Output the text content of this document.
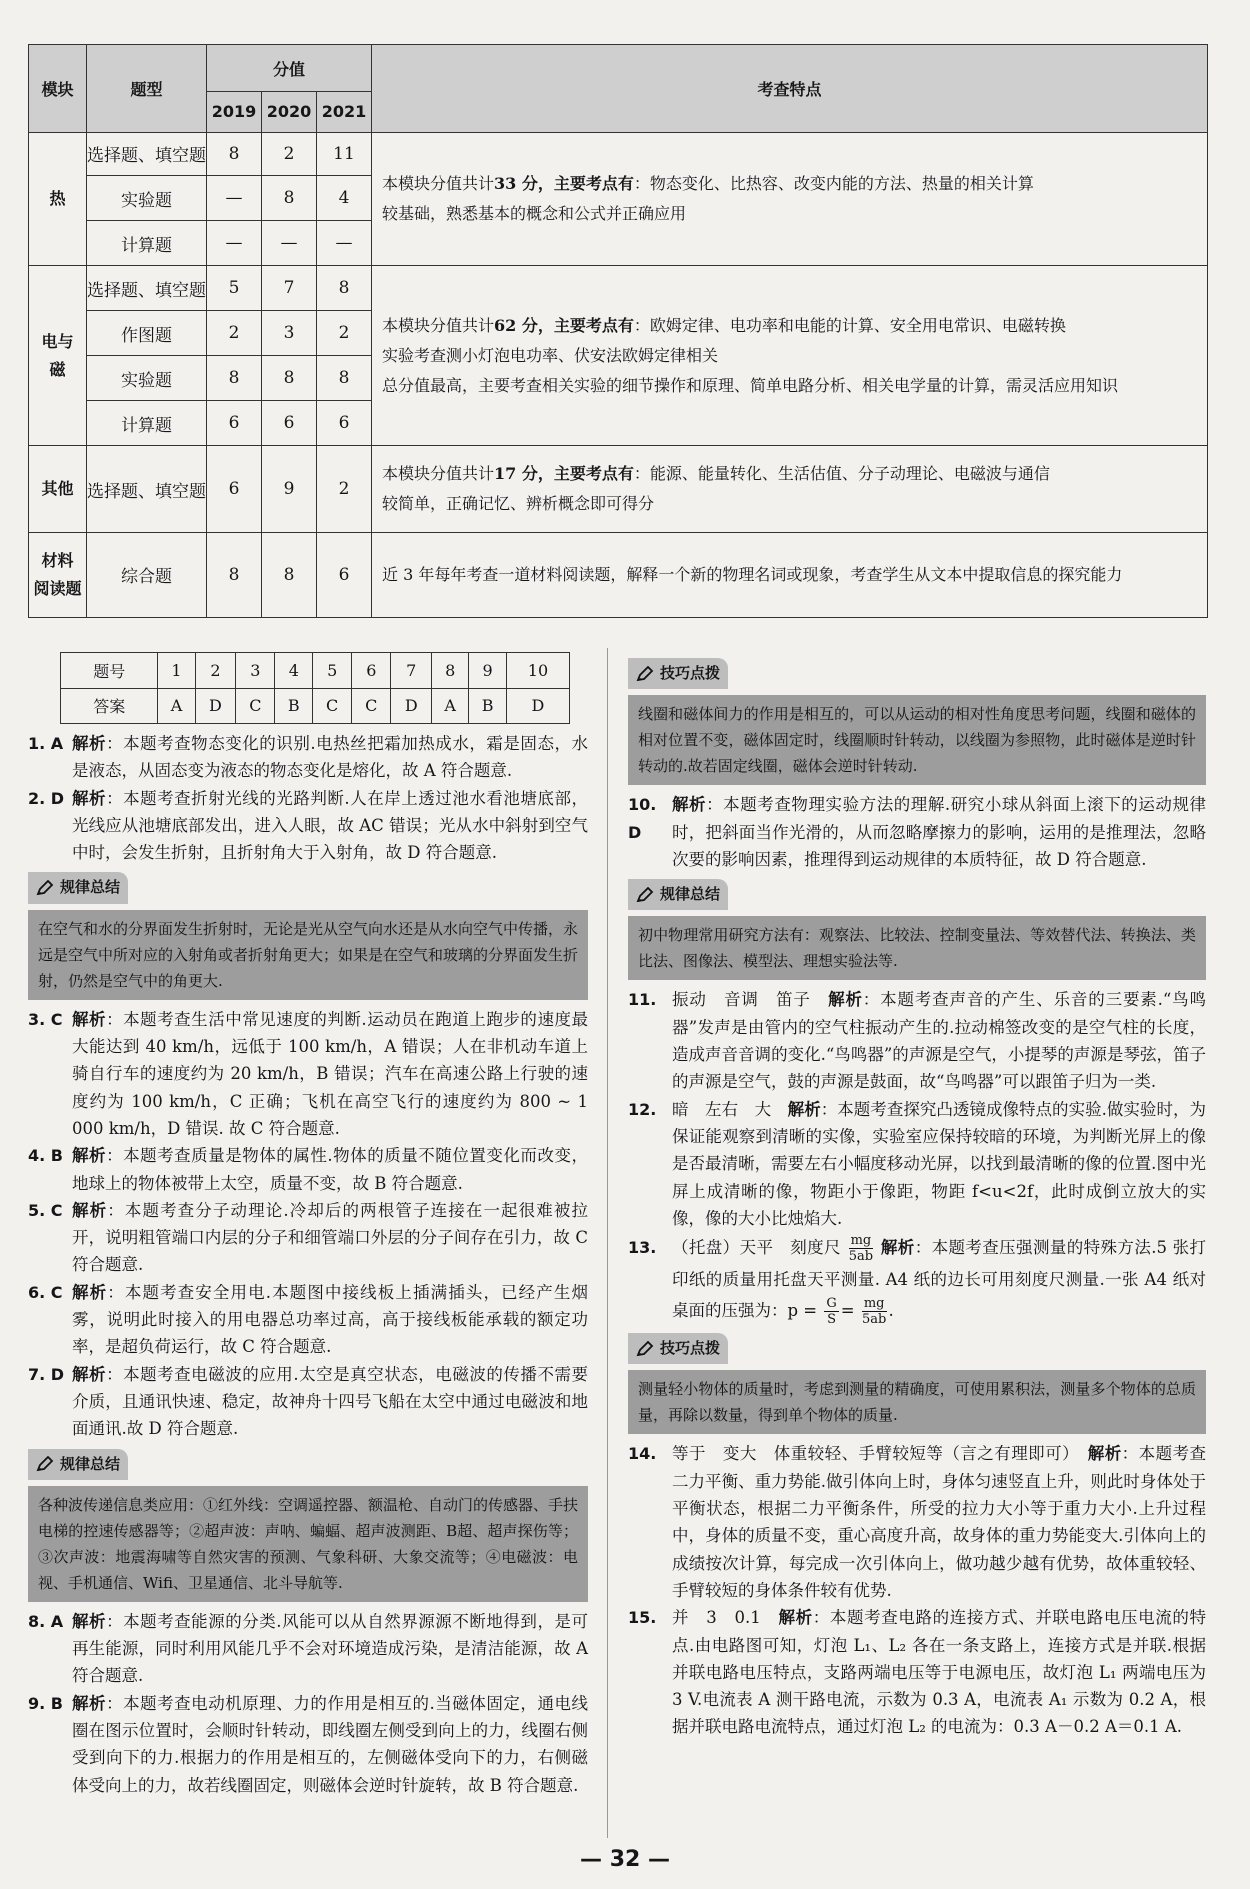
模块	题型	分值			考查特点
		2019	2020	2021	
热	选择题、填空题	8	2	11	本模块分值共计33 分，主要考点有：物态变化、比热容、改变内能的方法、热量的相关计算
较基础，熟悉基本的概念和公式并正确应用
	实验题	—	8	4	
	计算题	—	—	—	
电与
磁	选择题、填空题	5	7	8	本模块分值共计62 分，主要考点有：欧姆定律、电功率和电能的计算、安全用电常识、电磁转换
实验考查测小灯泡电功率、伏安法欧姆定律相关
总分值最高，主要考查相关实验的细节操作和原理、简单电路分析、相关电学量的计算，需灵活应用知识
	作图题	2	3	2	
	实验题	8	8	8	
	计算题	6	6	6	
其他	选择题、填空题	6	9	2	本模块分值共计17 分，主要考点有：能源、能量转化、生活估值、分子动理论、电磁波与通信
较简单，正确记忆、辨析概念即可得分
材料
阅读题	综合题	8	8	6	近 3 年每年考查一道材料阅读题，解释一个新的物理名词或现象，考查学生从文本中提取信息的探究能力
题号	1	2	3	4	5	6	7	8	9	10
答案	A	D	C	B	C	C	D	A	B	D
1. A 解析：本题考查物态变化的识别.电热丝把霜加热成水，霜是固态，水是液态，从固态变为液态的物态变化是熔化，故 A 符合题意.
2. D 解析：本题考查折射光线的光路判断.人在岸上透过池水看池塘底部，光线应从池塘底部发出，进入人眼，故 AC 错误；光从水中斜射到空气中时，会发生折射，且折射角大于入射角，故 D 符合题意.
规律总结
在空气和水的分界面发生折射时，无论是光从空气向水还是从水向空气中传播，永远是空气中所对应的入射角或者折射角更大；如果是在空气和玻璃的分界面发生折射，仍然是空气中的角更大.
3. C 解析：本题考查生活中常见速度的判断.运动员在跑道上跑步的速度最大能达到 40 km/h，远低于 100 km/h，A 错误；人在非机动车道上骑自行车的速度约为 20 km/h，B 错误；汽车在高速公路上行驶的速度约为 100 km/h，C 正确；飞机在高空飞行的速度约为 800 ~ 1 000 km/h，D 错误. 故 C 符合题意.
4. B 解析：本题考查质量是物体的属性.物体的质量不随位置变化而改变，地球上的物体被带上太空，质量不变，故 B 符合题意.
5. C 解析：本题考查分子动理论.冷却后的两根管子连接在一起很难被拉开，说明粗管端口内层的分子和细管端口外层的分子间存在引力，故 C 符合题意.
6. C 解析：本题考查安全用电.本题图中接线板上插满插头，已经产生烟雾，说明此时接入的用电器总功率过高，高于接线板能承载的额定功率，是超负荷运行，故 C 符合题意.
7. D 解析：本题考查电磁波的应用.太空是真空状态，电磁波的传播不需要介质，且通讯快速、稳定，故神舟十四号飞船在太空中通过电磁波和地面通讯.故 D 符合题意.
规律总结
各种波传递信息类应用：①红外线：空调遥控器、额温枪、自动门的传感器、手扶电梯的控速传感器等；②超声波：声呐、蝙蝠、超声波测距、B超、超声探伤等；③次声波：地震海啸等自然灾害的预测、气象科研、大象交流等；④电磁波：电视、手机通信、Wifi、卫星通信、北斗导航等.
8. A 解析：本题考查能源的分类.风能可以从自然界源源不断地得到，是可再生能源，同时利用风能几乎不会对环境造成污染，是清洁能源，故 A 符合题意.
9. B 解析：本题考查电动机原理、力的作用是相互的.当磁体固定，通电线圈在图示位置时，会顺时针转动，即线圈左侧受到向上的力，线圈右侧受到向下的力.根据力的作用是相互的，左侧磁体受向下的力，右侧磁体受向上的力，故若线圈固定，则磁体会逆时针旋转，故 B 符合题意.
技巧点拨
线圈和磁体间力的作用是相互的，可以从运动的相对性角度思考问题，线圈和磁体的相对位置不变，磁体固定时，线圈顺时针转动，以线圈为参照物，此时磁体是逆时针转动的.故若固定线圈，磁体会逆时针转动.
10. D
解析：本题考查物理实验方法的理解.研究小球从斜面上滚下的运动规律时，把斜面当作光滑的，从而忽略摩擦力的影响，运用的是推理法，忽略次要的影响因素，推理得到运动规律的本质特征，故 D 符合题意.
规律总结
初中物理常用研究方法有：观察法、比较法、控制变量法、等效替代法、转换法、类比法、图像法、模型法、理想实验法等.
11. 振动　音调　笛子　解析：本题考查声音的产生、乐音的三要素.“鸟鸣器”发声是由管内的空气柱振动产生的.拉动棉签改变的是空气柱的长度，造成声音音调的变化.“鸟鸣器”的声源是空气，小提琴的声源是琴弦，笛子的声源是空气，鼓的声源是鼓面，故“鸟鸣器”可以跟笛子归为一类.
12. 暗　左右　大　解析：本题考查探究凸透镜成像特点的实验.做实验时，为保证能观察到清晰的实像，实验室应保持较暗的环境，为判断光屏上的像是否最清晰，需要左右小幅度移动光屏，以找到最清晰的像的位置.图中光屏上成清晰的像，物距小于像距，物距 f<u<2f，此时成倒立放大的实像，像的大小比烛焰大.
13. （托盘）天平　刻度尺 $\frac{mg}{5ab}$ 解析：本题考查压强测量的特殊方法.5 张打印纸的质量用托盘天平测量. A4 纸的边长可用刻度尺测量.一张 A4 纸对桌面的压强为：$p = \frac{G}{S} = \frac{mg}{5ab}$ .
技巧点拨
测量轻小物体的质量时，考虑到测量的精确度，可使用累积法，测量多个物体的总质量，再除以数量，得到单个物体的质量.
14. 等于　变大　体重较轻、手臂较短等（言之有理即可）　解析：本题考查二力平衡、重力势能.做引体向上时，身体匀速竖直上升，则此时身体处于平衡状态，根据二力平衡条件，所受的拉力大小等于重力大小.上升过程中，身体的质量不变，重心高度升高，故身体的重力势能变大.引体向上的成绩按次计算，每完成一次引体向上，做功越少越有优势，故体重较轻、手臂较短的身体条件较有优势.
15. 并　3　0.1　解析：本题考查电路的连接方式、并联电路电压电流的特点.由电路图可知，灯泡 L₁、L₂ 各在一条支路上，连接方式是并联.根据并联电路电压特点，支路两端电压等于电源电压，故灯泡 L₁ 两端电压为 3 V.电流表 A 测干路电流，示数为 0.3 A，电流表 A₁ 示数为 0.2 A，根据并联电路电流特点，通过灯泡 L₂ 的电流为：0.3 A－0.2 A＝0.1 A.
— 32 —
